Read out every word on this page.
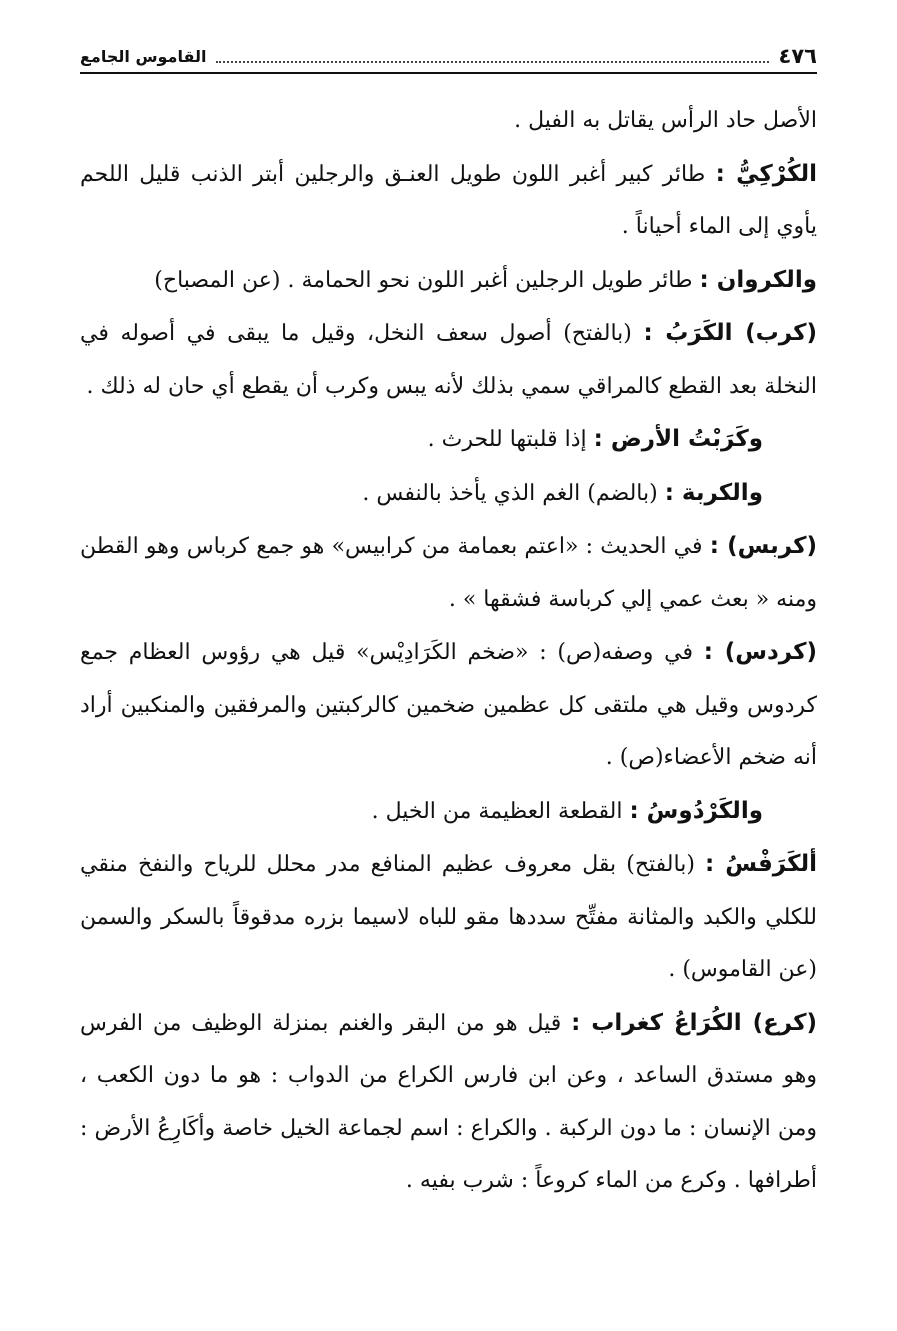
٤٧٦
القاموس الجامع

الأصل حاد الرأس يقاتل به الفيل .

الكُرْكِيُّ : طائر كبير أغبر اللون طويل العنـق والرجلين أبتر الذنب قليل اللحم يأوي إلى الماء أحياناً .

والكروان : طائر طويل الرجلين أغبر اللون نحو الحمامة . (عن المصباح)

(كرب) الكَرَبُ : (بالفتح) أصول سعف النخل، وقيل ما يبقى في أصوله في النخلة بعد القطع كالمراقي سمي بذلك لأنه يبس وكرب أن يقطع أي حان له ذلك .

وكَرَبْتُ الأرض : إذا قلبتها للحرث .

والكربة : (بالضم) الغم الذي يأخذ بالنفس .

(كربس) : في الحديث : «اعتم بعمامة من كرابيس» هو جمع كرباس وهو القطن ومنه « بعث عمي إلي كرباسة فشقها » .

(كردس) : في وصفه(ص) : «ضخم الكَرَادِيْس» قيل هي رؤوس العظام جمع كردوس وقيل هي ملتقى كل عظمين ضخمين كالركبتين والمرفقين والمنكبين أراد أنه ضخم الأعضاء(ص) .

والكَرْدُوسُ : القطعة العظيمة من الخيل .

ألكَرَفْسُ : (بالفتح) بقل معروف عظيم المنافع مدر محلل للرياح والنفخ منقي للكلي والكبد والمثانة مفتِّح سددها مقو للباه لاسيما بزره مدقوقاً بالسكر والسمن (عن القاموس) .

(كرع) الكُرَاعُ كغراب : قيل هو من البقر والغنم بمنزلة الوظيف من الفرس وهو مستدق الساعد ، وعن ابن فارس الكراع من الدواب : هو ما دون الكعب ، ومن الإنسان : ما دون الركبة . والكراع : اسم لجماعة الخيل خاصة وأكَارِعُ الأرض : أطرافها . وكرع من الماء كروعاً : شرب بفيه .
